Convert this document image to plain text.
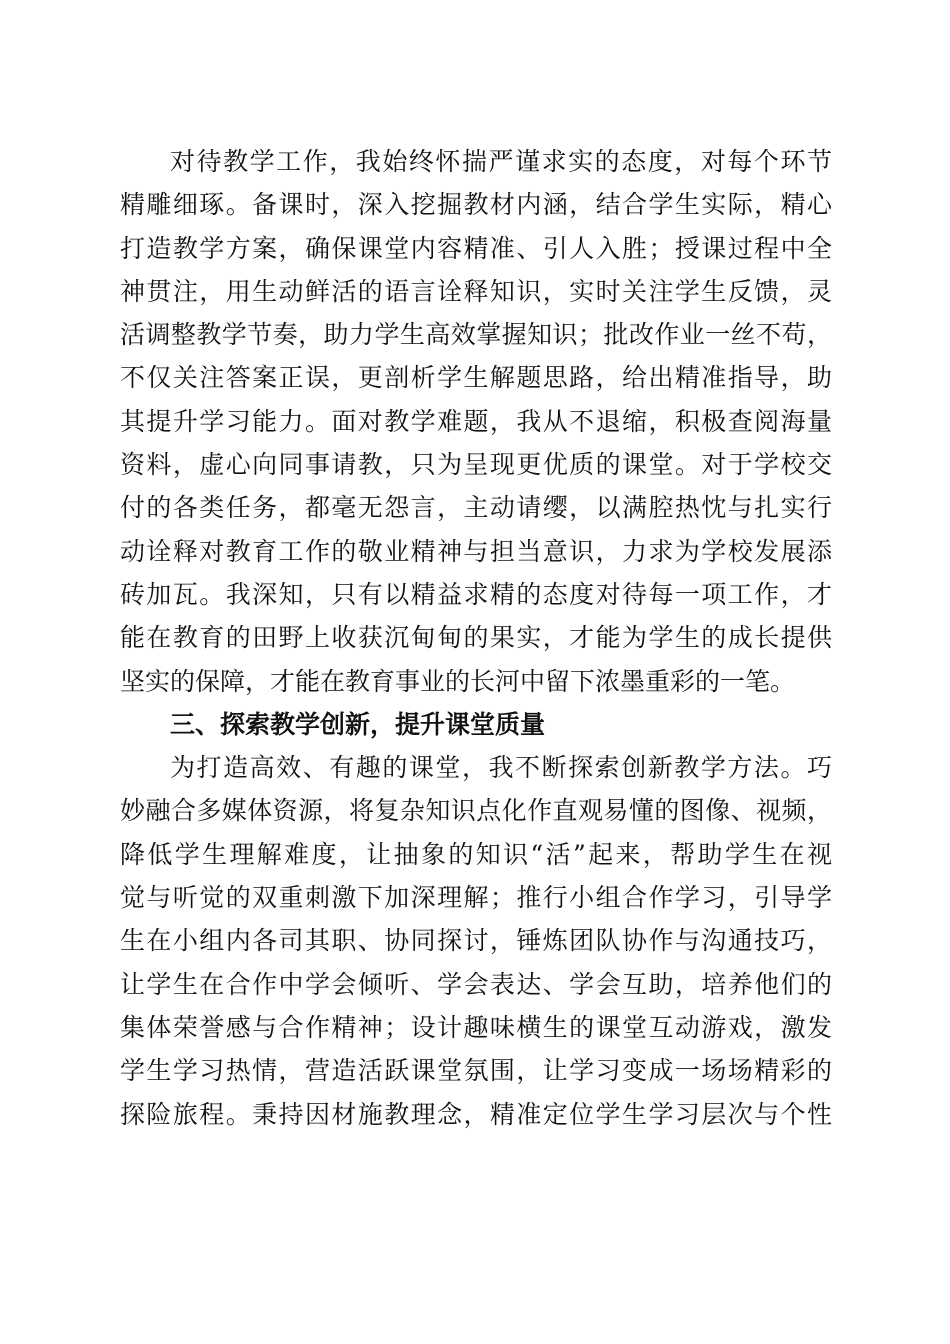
对待教学工作，我始终怀揣严谨求实的态度，对每个环节
精雕细琢。备课时，深入挖掘教材内涵，结合学生实际，精心
打造教学方案，确保课堂内容精准、引人入胜；授课过程中全
神贯注，用生动鲜活的语言诠释知识，实时关注学生反馈，灵
活调整教学节奏，助力学生高效掌握知识；批改作业一丝不苟，
不仅关注答案正误，更剖析学生解题思路，给出精准指导，助
其提升学习能力。面对教学难题，我从不退缩，积极查阅海量
资料，虚心向同事请教，只为呈现更优质的课堂。对于学校交
付的各类任务，都毫无怨言，主动请缨，以满腔热忱与扎实行
动诠释对教育工作的敬业精神与担当意识，力求为学校发展添
砖加瓦。我深知，只有以精益求精的态度对待每一项工作，才
能在教育的田野上收获沉甸甸的果实，才能为学生的成长提供
坚实的保障，才能在教育事业的长河中留下浓墨重彩的一笔。
三、探索教学创新，提升课堂质量
为打造高效、有趣的课堂，我不断探索创新教学方法。巧
妙融合多媒体资源，将复杂知识点化作直观易懂的图像、视频，
降低学生理解难度，让抽象的知识“活”起来，帮助学生在视
觉与听觉的双重刺激下加深理解；推行小组合作学习，引导学
生在小组内各司其职、协同探讨，锤炼团队协作与沟通技巧，
让学生在合作中学会倾听、学会表达、学会互助，培养他们的
集体荣誉感与合作精神；设计趣味横生的课堂互动游戏，激发
学生学习热情，营造活跃课堂氛围，让学习变成一场场精彩的
探险旅程。秉持因材施教理念，精准定位学生学习层次与个性
